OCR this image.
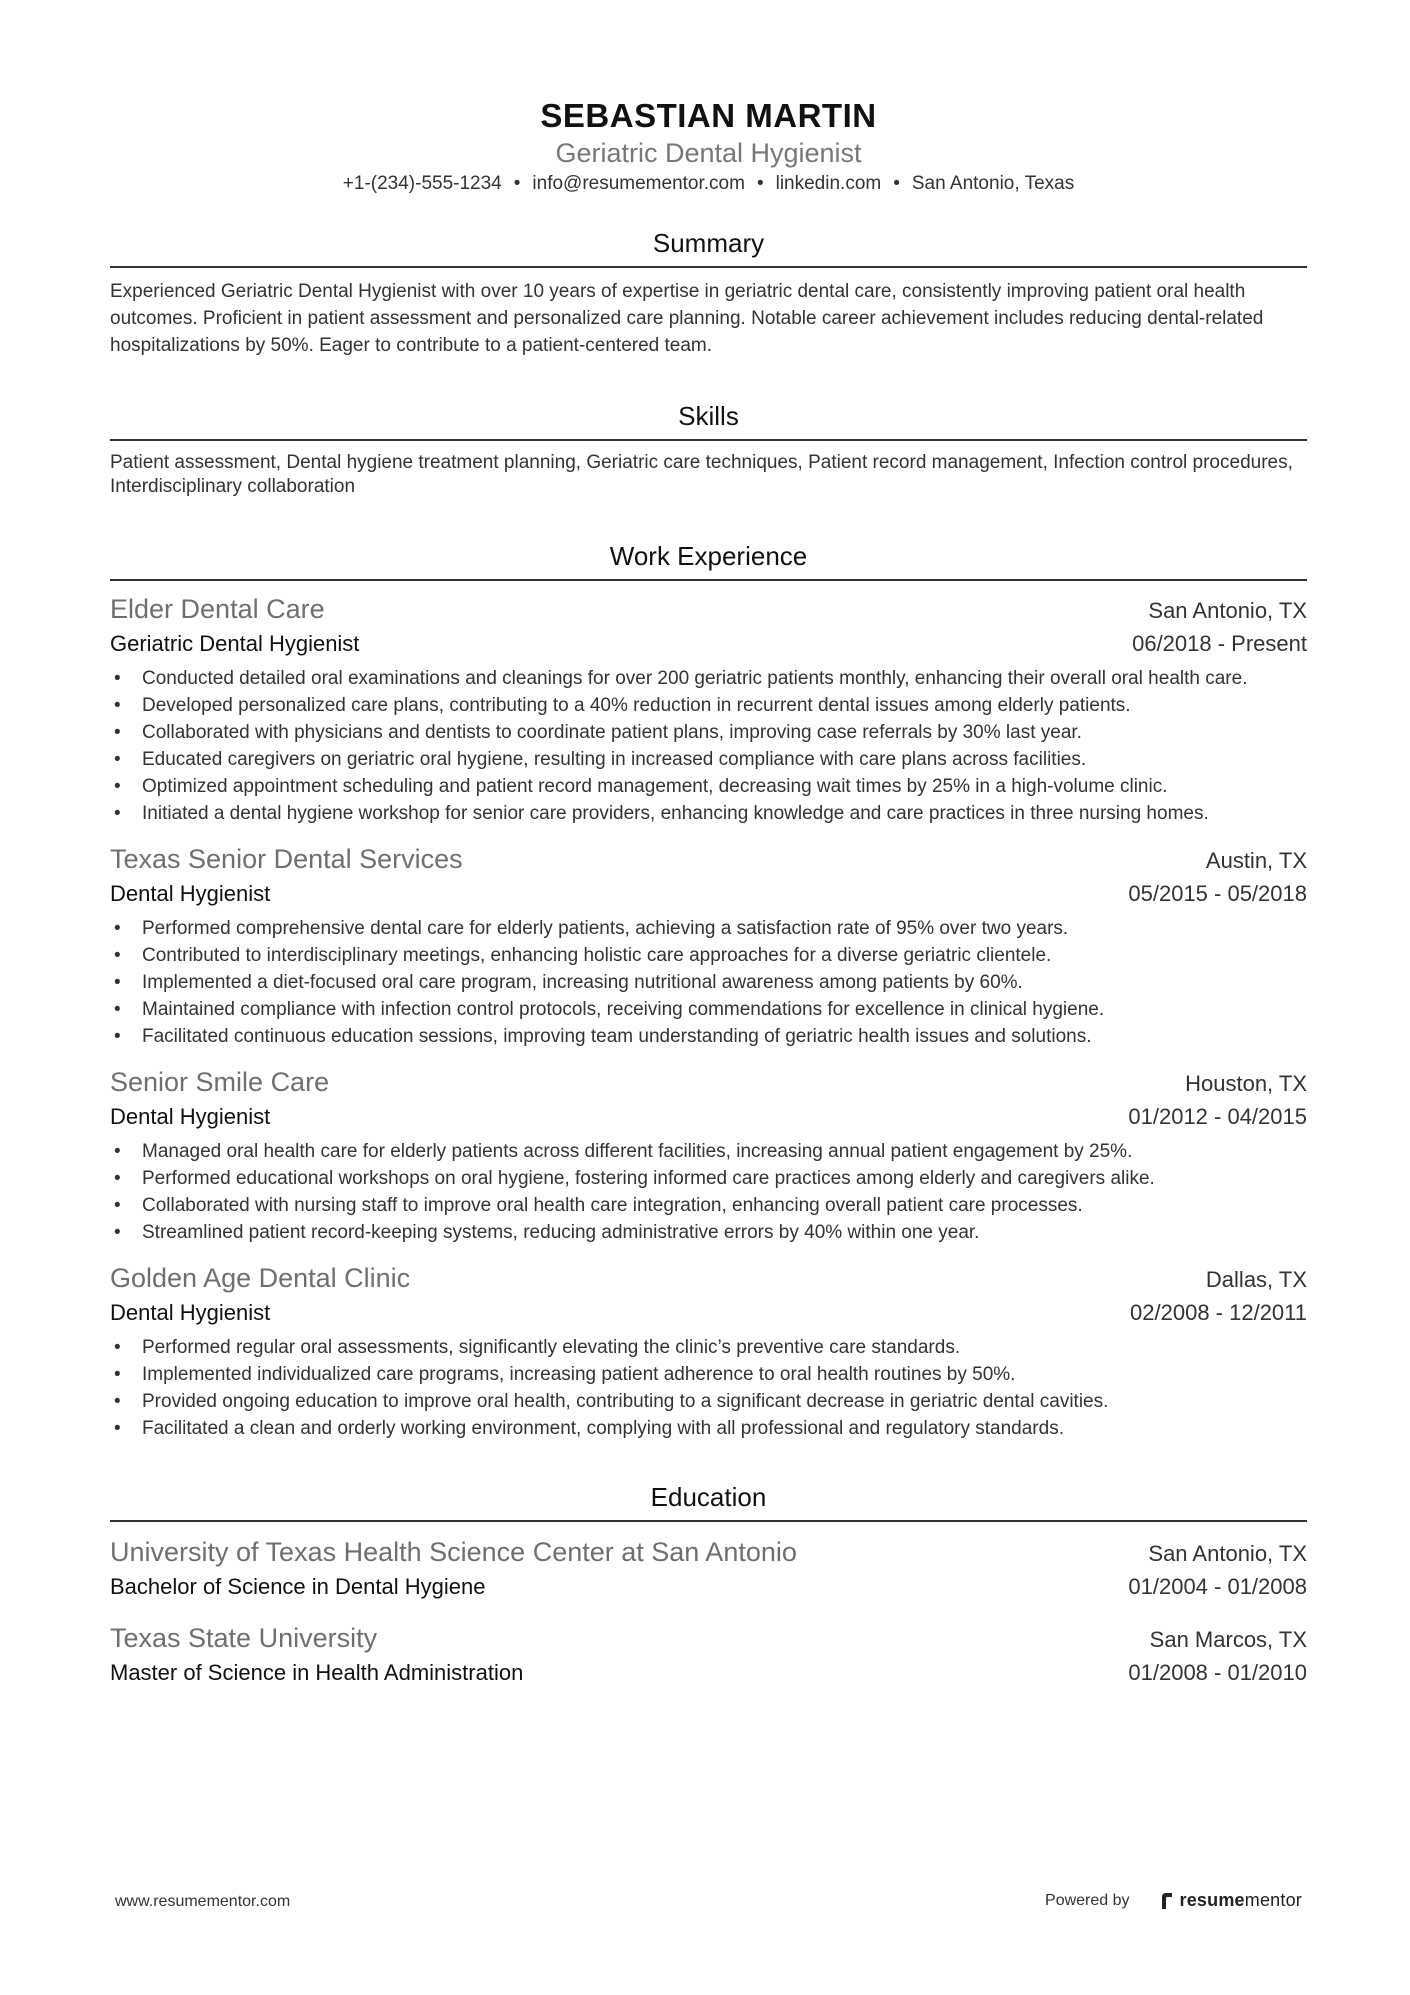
SEBASTIAN MARTIN
Geriatric Dental Hygienist
+1-(234)-555-1234 • info@resumementor.com • linkedin.com • San Antonio, Texas
Summary
Experienced Geriatric Dental Hygienist with over 10 years of expertise in geriatric dental care, consistently improving patient oral health outcomes. Proficient in patient assessment and personalized care planning. Notable career achievement includes reducing dental-related hospitalizations by 50%. Eager to contribute to a patient-centered team.
Skills
Patient assessment, Dental hygiene treatment planning, Geriatric care techniques, Patient record management, Infection control procedures, Interdisciplinary collaboration
Work Experience
Elder Dental Care	San Antonio, TX
Geriatric Dental Hygienist	06/2018 - Present
• Conducted detailed oral examinations and cleanings for over 200 geriatric patients monthly, enhancing their overall oral health care.
• Developed personalized care plans, contributing to a 40% reduction in recurrent dental issues among elderly patients.
• Collaborated with physicians and dentists to coordinate patient plans, improving case referrals by 30% last year.
• Educated caregivers on geriatric oral hygiene, resulting in increased compliance with care plans across facilities.
• Optimized appointment scheduling and patient record management, decreasing wait times by 25% in a high-volume clinic.
• Initiated a dental hygiene workshop for senior care providers, enhancing knowledge and care practices in three nursing homes.
Texas Senior Dental Services	Austin, TX
Dental Hygienist	05/2015 - 05/2018
• Performed comprehensive dental care for elderly patients, achieving a satisfaction rate of 95% over two years.
• Contributed to interdisciplinary meetings, enhancing holistic care approaches for a diverse geriatric clientele.
• Implemented a diet-focused oral care program, increasing nutritional awareness among patients by 60%.
• Maintained compliance with infection control protocols, receiving commendations for excellence in clinical hygiene.
• Facilitated continuous education sessions, improving team understanding of geriatric health issues and solutions.
Senior Smile Care	Houston, TX
Dental Hygienist	01/2012 - 04/2015
• Managed oral health care for elderly patients across different facilities, increasing annual patient engagement by 25%.
• Performed educational workshops on oral hygiene, fostering informed care practices among elderly and caregivers alike.
• Collaborated with nursing staff to improve oral health care integration, enhancing overall patient care processes.
• Streamlined patient record-keeping systems, reducing administrative errors by 40% within one year.
Golden Age Dental Clinic	Dallas, TX
Dental Hygienist	02/2008 - 12/2011
• Performed regular oral assessments, significantly elevating the clinic’s preventive care standards.
• Implemented individualized care programs, increasing patient adherence to oral health routines by 50%.
• Provided ongoing education to improve oral health, contributing to a significant decrease in geriatric dental cavities.
• Facilitated a clean and orderly working environment, complying with all professional and regulatory standards.
Education
University of Texas Health Science Center at San Antonio	San Antonio, TX
Bachelor of Science in Dental Hygiene	01/2004 - 01/2008
Texas State University	San Marcos, TX
Master of Science in Health Administration	01/2008 - 01/2010
www.resumementor.com	Powered by	resumementor
